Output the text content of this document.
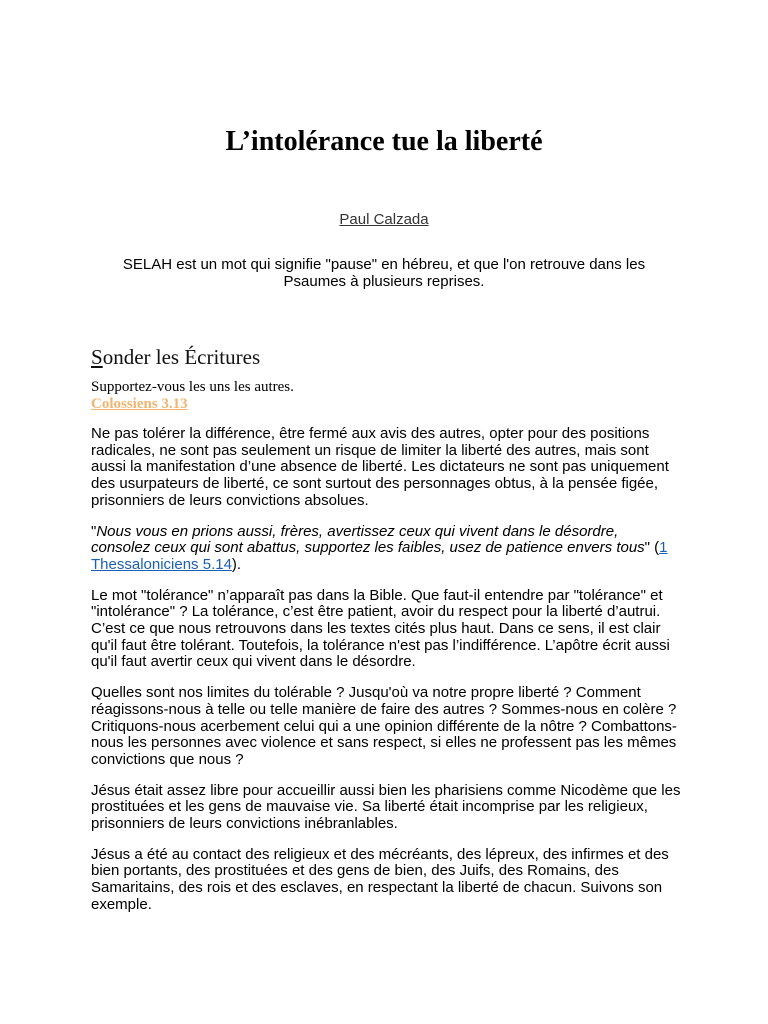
L’intolérance tue la liberté
Paul Calzada

SELAH est un mot qui signifie "pause" en hébreu, et que l'on retrouve dans les Psaumes à plusieurs reprises.

Sonder les Écritures
Supportez-vous les uns les autres.
Colossiens 3.13

Ne pas tolérer la différence, être fermé aux avis des autres, opter pour des positions radicales, ne sont pas seulement un risque de limiter la liberté des autres, mais sont aussi la manifestation d’une absence de liberté. Les dictateurs ne sont pas uniquement des usurpateurs de liberté, ce sont surtout des personnages obtus, à la pensée figée, prisonniers de leurs convictions absolues.

"Nous vous en prions aussi, frères, avertissez ceux qui vivent dans le désordre, consolez ceux qui sont abattus, supportez les faibles, usez de patience envers tous" (1 Thessaloniciens 5.14).

Le mot "tolérance" n’apparaît pas dans la Bible. Que faut-il entendre par "tolérance" et "intolérance" ? La tolérance, c’est être patient, avoir du respect pour la liberté d’autrui. C’est ce que nous retrouvons dans les textes cités plus haut. Dans ce sens, il est clair qu'il faut être tolérant. Toutefois, la tolérance n'est pas l’indifférence. L’apôtre écrit aussi qu'il faut avertir ceux qui vivent dans le désordre.

Quelles sont nos limites du tolérable ? Jusqu'où va notre propre liberté ? Comment réagissons-nous à telle ou telle manière de faire des autres ? Sommes-nous en colère ? Critiquons-nous acerbement celui qui a une opinion différente de la nôtre ? Combattons-nous les personnes avec violence et sans respect, si elles ne professent pas les mêmes convictions que nous ?

Jésus était assez libre pour accueillir aussi bien les pharisiens comme Nicodème que les prostituées et les gens de mauvaise vie. Sa liberté était incomprise par les religieux, prisonniers de leurs convictions inébranlables.

Jésus a été au contact des religieux et des mécréants, des lépreux, des infirmes et des bien portants, des prostituées et des gens de bien, des Juifs, des Romains, des Samaritains, des rois et des esclaves, en respectant la liberté de chacun. Suivons son exemple.
